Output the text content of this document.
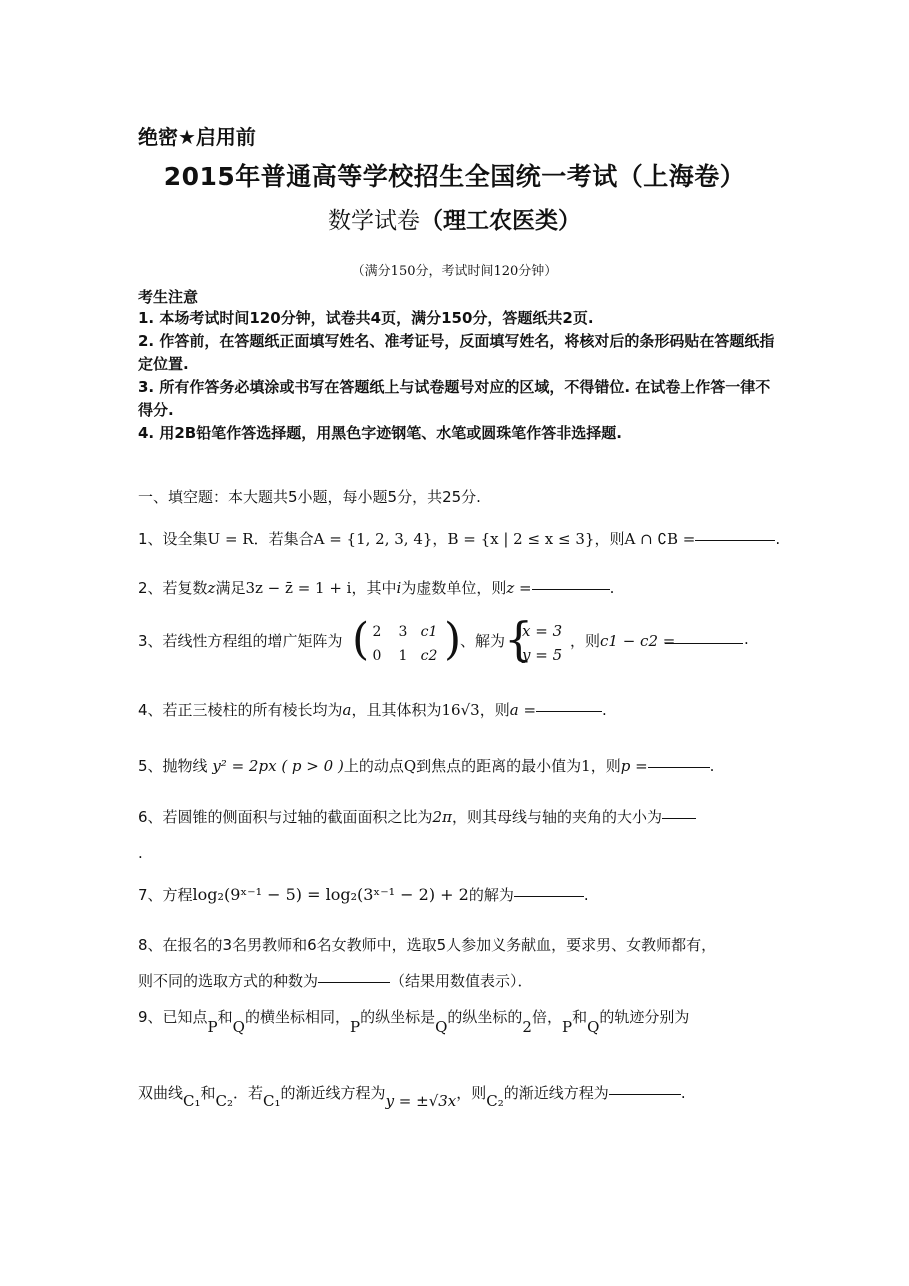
绝密★启用前
2015年普通高等学校招生全国统一考试（上海卷）
数学试卷（理工农医类）
（满分150分，考试时间120分钟）
考生注意
1. 本场考试时间120分钟，试卷共4页，满分150分，答题纸共2页.
2. 作答前，在答题纸正面填写姓名、准考证号，反面填写姓名，将核对后的条形码贴在答题纸指定位置.
3. 所有作答务必填涂或书写在答题纸上与试卷题号对应的区域，不得错位. 在试卷上作答一律不得分.
4. 用2B铅笔作答选择题，用黑色字迹钢笔、水笔或圆珠笔作答非选择题.
一、填空题：本大题共5小题，每小题5分，共25分.
1、设全集U = R．若集合A = {1, 2, 3, 4}，B = {x | 2 ≤ x ≤ 3}，则A ∩ ∁B =	.
2、若复数z满足3z − z̄ = 1 + i，其中i为虚数单位，则z =	.
3、若线性方程组的增广矩阵为 ( 2 3 c1
0 1 c2 )
、解为
{
x = 3
y = 5
，则 c1 − c2 =	.
4、若正三棱柱的所有棱长均为a，且其体积为16√3，则a =	.
5、抛物线 y² = 2px ( p > 0 )上的动点Q到焦点的距离的最小值为1，则p =	.
6、若圆锥的侧面积与过轴的截面面积之比为2π，则其母线与轴的夹角的大小为
.
7、方程log₂(9ˣ⁻¹ − 5) = log₂(3ˣ⁻¹ − 2) + 2的解为	.
8、在报名的3名男教师和6名女教师中，选取5人参加义务献血，要求男、女教师都有，
则不同的选取方式的种数为	（结果用数值表示）．
9、已知点P和Q的横坐标相同，P的纵坐标是Q的纵坐标的2倍，P和Q的轨迹分别为
双曲线C₁和C₂．若C₁的渐近线方程为y = ±√3x，则C₂的渐近线方程为	.
